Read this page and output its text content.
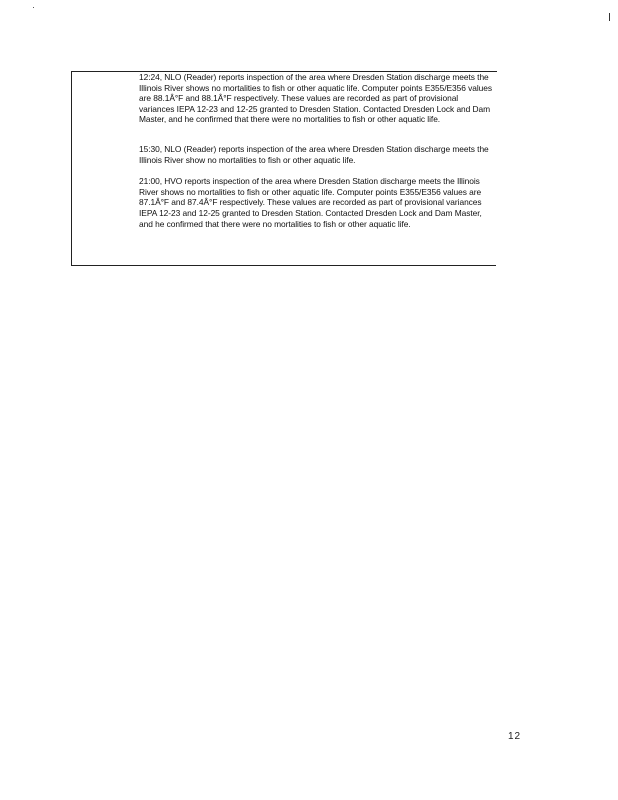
12:24, NLO (Reader) reports inspection of the area where Dresden Station discharge meets the Illinois River shows no mortalities to fish or other aquatic life. Computer points E355/E356 values are 88.1Â°F and 88.1Â°F respectively. These values are recorded as part of provisional variances IEPA 12-23 and 12-25 granted to Dresden Station. Contacted Dresden Lock and Dam Master, and he confirmed that there were no mortalities to fish or other aquatic life.

15:30, NLO (Reader) reports inspection of the area where Dresden Station discharge meets the Illinois River show no mortalities to fish or other aquatic life.

21:00, HVO reports inspection of the area where Dresden Station discharge meets the Illinois River shows no mortalities to fish or other aquatic life. Computer points E355/E356 values are 87.1Â°F and 87.4Â°F respectively. These values are recorded as part of provisional variances IEPA 12-23 and 12-25 granted to Dresden Station. Contacted Dresden Lock and Dam Master, and he confirmed that there were no mortalities to fish or other aquatic life.

12
